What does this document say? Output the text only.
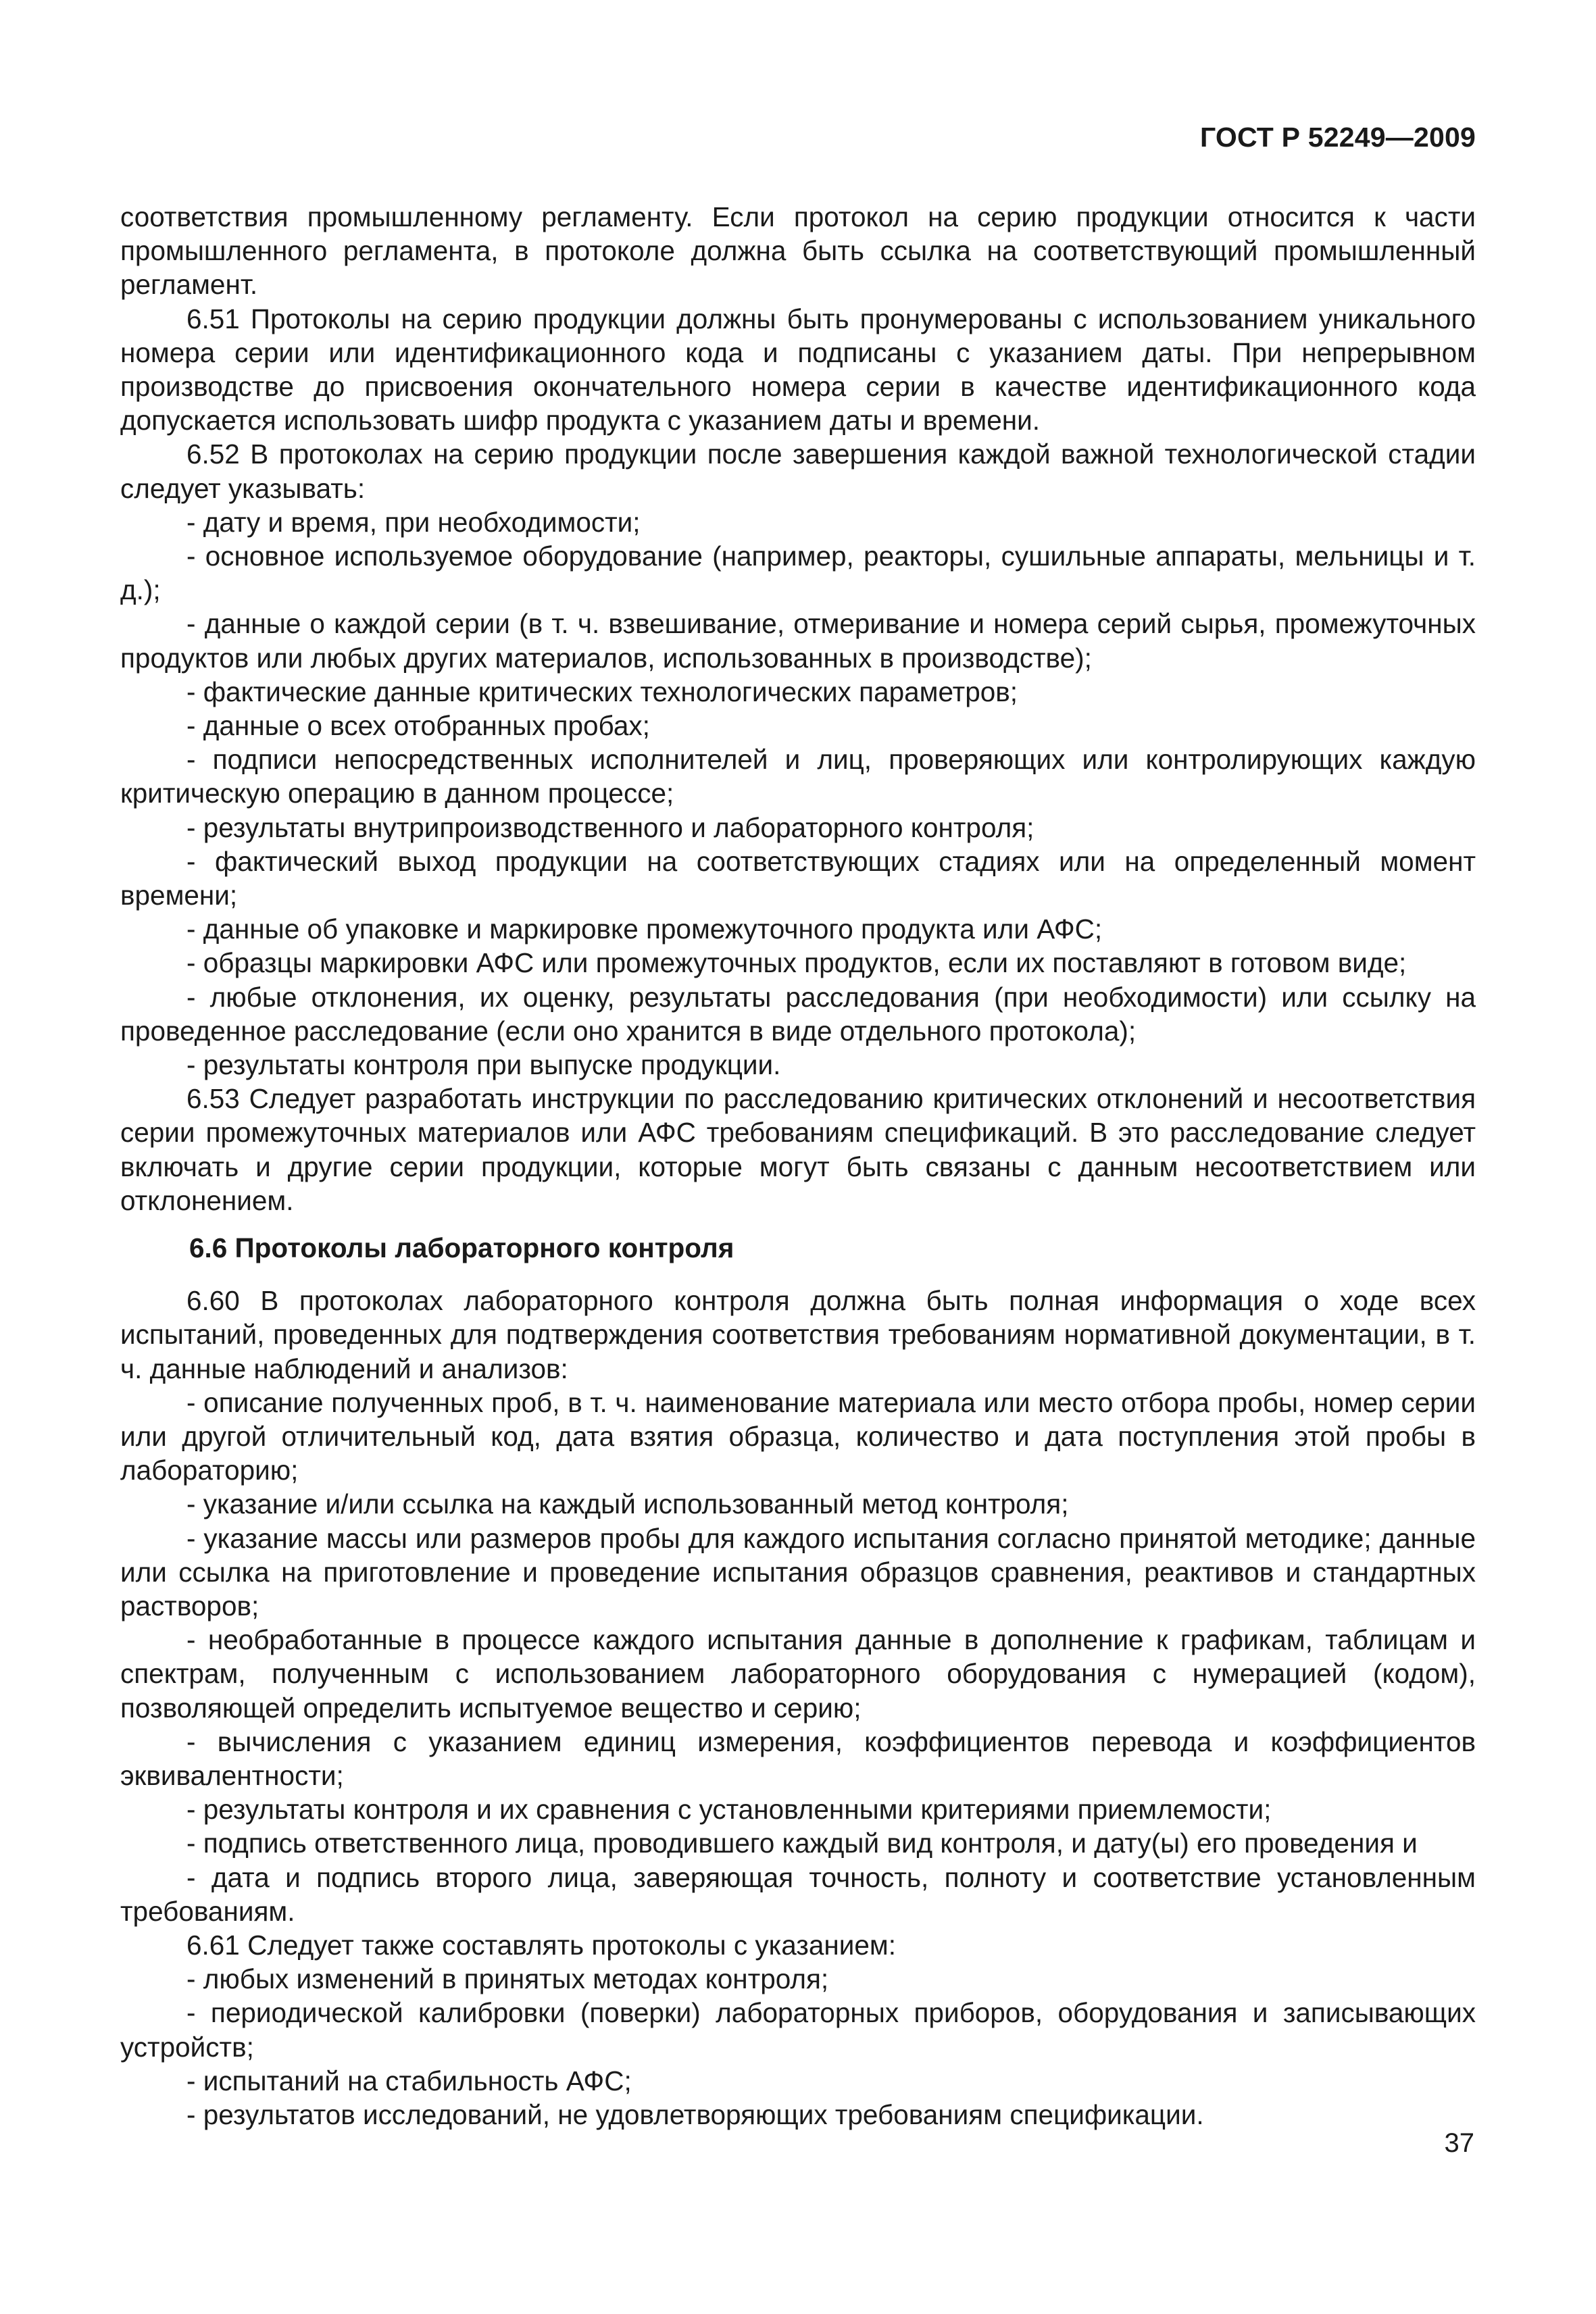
ГОСТ Р 52249—2009

соответствия промышленному регламенту. Если протокол на серию продукции относится к части промышленного регламента, в протоколе должна быть ссылка на соответствующий промышленный регламент.

6.51 Протоколы на серию продукции должны быть пронумерованы с использованием уникального номера серии или идентификационного кода и подписаны с указанием даты. При непрерывном производстве до присвоения окончательного номера серии в качестве идентификационного кода допускается использовать шифр продукта с указанием даты и времени.

6.52 В протоколах на серию продукции после завершения каждой важной технологической стадии следует указывать:

- дату и время, при необходимости;

- основное используемое оборудование (например, реакторы, сушильные аппараты, мельницы и т. д.);

- данные о каждой серии (в т. ч. взвешивание, отмеривание и номера серий сырья, промежуточных продуктов или любых других материалов, использованных в производстве);

- фактические данные критических технологических параметров;

- данные о всех отобранных пробах;

- подписи непосредственных исполнителей и лиц, проверяющих или контролирующих каждую критическую операцию в данном процессе;

- результаты внутрипроизводственного и лабораторного контроля;

- фактический выход продукции на соответствующих стадиях или на определенный момент времени;

- данные об упаковке и маркировке промежуточного продукта или АФС;

- образцы маркировки АФС или промежуточных продуктов, если их поставляют в готовом виде;

- любые отклонения, их оценку, результаты расследования (при необходимости) или ссылку на проведенное расследование (если оно хранится в виде отдельного протокола);

- результаты контроля при выпуске продукции.

6.53 Следует разработать инструкции по расследованию критических отклонений и несоответствия серии промежуточных материалов или АФС требованиям спецификаций. В это расследование следует включать и другие серии продукции, которые могут быть связаны с данным несоответствием или отклонением.

6.6 Протоколы лабораторного контроля

6.60 В протоколах лабораторного контроля должна быть полная информация о ходе всех испытаний, проведенных для подтверждения соответствия требованиям нормативной документации, в т. ч. данные наблюдений и анализов:

- описание полученных проб, в т. ч. наименование материала или место отбора пробы, номер серии или другой отличительный код, дата взятия образца, количество и дата поступления этой пробы в лабораторию;

- указание и/или ссылка на каждый использованный метод контроля;

- указание массы или размеров пробы для каждого испытания согласно принятой методике; данные или ссылка на приготовление и проведение испытания образцов сравнения, реактивов и стандартных растворов;

- необработанные в процессе каждого испытания данные в дополнение к графикам, таблицам и спектрам, полученным с использованием лабораторного оборудования с нумерацией (кодом), позволяющей определить испытуемое вещество и серию;

- вычисления с указанием единиц измерения, коэффициентов перевода и коэффициентов эквивалентности;

- результаты контроля и их сравнения с установленными критериями приемлемости;

- подпись ответственного лица, проводившего каждый вид контроля, и дату(ы) его проведения и

- дата и подпись второго лица, заверяющая точность, полноту и соответствие установленным требованиям.

6.61 Следует также составлять протоколы с указанием:

- любых изменений в принятых методах контроля;

- периодической калибровки (поверки) лабораторных приборов, оборудования и записывающих устройств;

- испытаний на стабильность АФС;

- результатов исследований, не удовлетворяющих требованиям спецификации.

37
